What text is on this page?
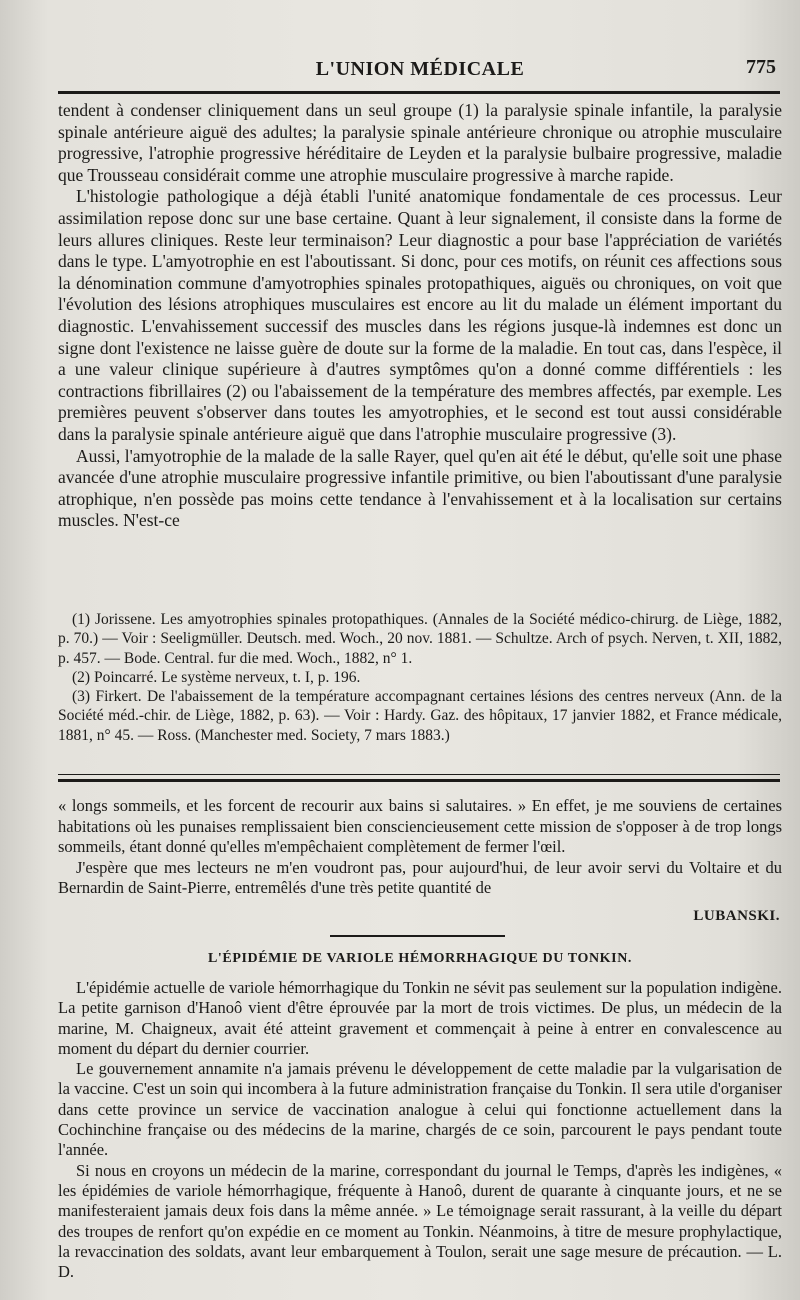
L'UNION MÉDICALE	775

tendent à condenser cliniquement dans un seul groupe (1) la paralysie spinale infantile, la paralysie spinale antérieure aiguë des adultes; la paralysie spinale antérieure chronique ou atrophie musculaire progressive, l'atrophie progressive héréditaire de Leyden et la paralysie bulbaire progressive, maladie que Trousseau considérait comme une atrophie musculaire progressive à marche rapide.

L'histologie pathologique a déjà établi l'unité anatomique fondamentale de ces processus. Leur assimilation repose donc sur une base certaine. Quant à leur signalement, il consiste dans la forme de leurs allures cliniques. Reste leur terminaison? Leur diagnostic a pour base l'appréciation de variétés dans le type. L'amyotrophie en est l'aboutissant. Si donc, pour ces motifs, on réunit ces affections sous la dénomination commune d'amyotrophies spinales protopathiques, aiguës ou chroniques, on voit que l'évolution des lésions atrophiques musculaires est encore au lit du malade un élément important du diagnostic. L'envahissement successif des muscles dans les régions jusque-là indemnes est donc un signe dont l'existence ne laisse guère de doute sur la forme de la maladie. En tout cas, dans l'espèce, il a une valeur clinique supérieure à d'autres symptômes qu'on a donné comme différentiels : les contractions fibrillaires (2) ou l'abaissement de la température des membres affectés, par exemple. Les premières peuvent s'observer dans toutes les amyotrophies, et le second est tout aussi considérable dans la paralysie spinale antérieure aiguë que dans l'atrophie musculaire progressive (3).

Aussi, l'amyotrophie de la malade de la salle Rayer, quel qu'en ait été le début, qu'elle soit une phase avancée d'une atrophie musculaire progressive infantile primitive, ou bien l'aboutissant d'une paralysie atrophique, n'en possède pas moins cette tendance à l'envahissement et à la localisation sur certains muscles. N'est-ce

(1) Jorissene. Les amyotrophies spinales protopathiques. (Annales de la Société médico-chirurg. de Liège, 1882, p. 70.) — Voir : Seeligmüller. Deutsch. med. Woch., 20 nov. 1881. — Schultze. Arch of psych. Nerven, t. XII, 1882, p. 457. — Bode. Central. fur die med. Woch., 1882, n° 1.

(2) Poincarré. Le système nerveux, t. I, p. 196.

(3) Firkert. De l'abaissement de la température accompagnant certaines lésions des centres nerveux (Ann. de la Société méd.-chir. de Liège, 1882, p. 63). — Voir : Hardy. Gaz. des hôpitaux, 17 janvier 1882, et France médicale, 1881, n° 45. — Ross. (Manchester med. Society, 7 mars 1883.)

« longs sommeils, et les forcent de recourir aux bains si salutaires. » En effet, je me souviens de certaines habitations où les punaises remplissaient bien consciencieusement cette mission de s'opposer à de trop longs sommeils, étant donné qu'elles m'empêchaient complètement de fermer l'œil.

J'espère que mes lecteurs ne m'en voudront pas, pour aujourd'hui, de leur avoir servi du Voltaire et du Bernardin de Saint-Pierre, entremêlés d'une très petite quantité de

LUBANSKI.
L'ÉPIDÉMIE DE VARIOLE HÉMORRHAGIQUE DU TONKIN.

L'épidémie actuelle de variole hémorrhagique du Tonkin ne sévit pas seulement sur la population indigène. La petite garnison d'Hanoô vient d'être éprouvée par la mort de trois victimes. De plus, un médecin de la marine, M. Chaigneux, avait été atteint gravement et commençait à peine à entrer en convalescence au moment du départ du dernier courrier.

Le gouvernement annamite n'a jamais prévenu le développement de cette maladie par la vulgarisation de la vaccine. C'est un soin qui incombera à la future administration française du Tonkin. Il sera utile d'organiser dans cette province un service de vaccination analogue à celui qui fonctionne actuellement dans la Cochinchine française ou des médecins de la marine, chargés de ce soin, parcourent le pays pendant toute l'année.

Si nous en croyons un médecin de la marine, correspondant du journal le Temps, d'après les indigènes, « les épidémies de variole hémorrhagique, fréquente à Hanoô, durent de quarante à cinquante jours, et ne se manifesteraient jamais deux fois dans la même année. » Le témoignage serait rassurant, à la veille du départ des troupes de renfort qu'on expédie en ce moment au Tonkin. Néanmoins, à titre de mesure prophylactique, la revaccination des soldats, avant leur embarquement à Toulon, serait une sage mesure de précaution. — L. D.
